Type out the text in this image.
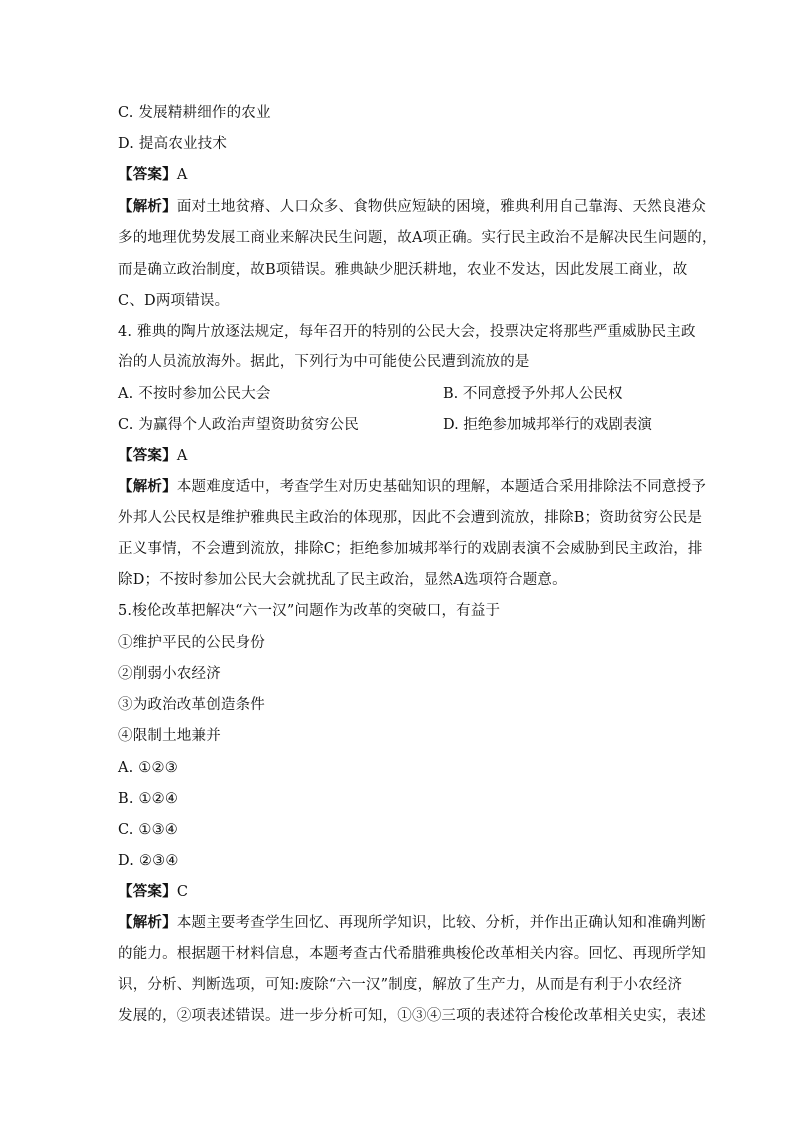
C. 发展精耕细作的农业
D. 提高农业技术
【答案】A
【解析】面对土地贫瘠、人口众多、食物供应短缺的困境，雅典利用自己靠海、天然良港众
多的地理优势发展工商业来解决民生问题，故A项正确。实行民主政治不是解决民生问题的，
而是确立政治制度，故B项错误。雅典缺少肥沃耕地，农业不发达，因此发展工商业，故
C、D两项错误。
4. 雅典的陶片放逐法规定，每年召开的特别的公民大会，投票决定将那些严重威胁民主政
治的人员流放海外。据此，下列行为中可能使公民遭到流放的是
A. 不按时参加公民大会	B. 不同意授予外邦人公民权
C. 为赢得个人政治声望资助贫穷公民	D. 拒绝参加城邦举行的戏剧表演
【答案】A
【解析】本题难度适中，考查学生对历史基础知识的理解，本题适合采用排除法不同意授予
外邦人公民权是维护雅典民主政治的体现那，因此不会遭到流放，排除B；资助贫穷公民是
正义事情，不会遭到流放，排除C；拒绝参加城邦举行的戏剧表演不会威胁到民主政治，排
除D；不按时参加公民大会就扰乱了民主政治，显然A选项符合题意。
5.梭伦改革把解决“六一汉”问题作为改革的突破口，有益于
①维护平民的公民身份
②削弱小农经济
③为政治改革创造条件
④限制土地兼并
A. ①②③
B. ①②④
C. ①③④
D. ②③④
【答案】C
【解析】本题主要考查学生回忆、再现所学知识，比较、分析，并作出正确认知和准确判断
的能力。根据题干材料信息，本题考查古代希腊雅典梭伦改革相关内容。回忆、再现所学知
识，分析、判断选项，可知:废除“六一汉”制度，解放了生产力，从而是有利于小农经济
发展的，②项表述错误。进一步分析可知，①③④三项的表述符合梭伦改革相关史实，表述
